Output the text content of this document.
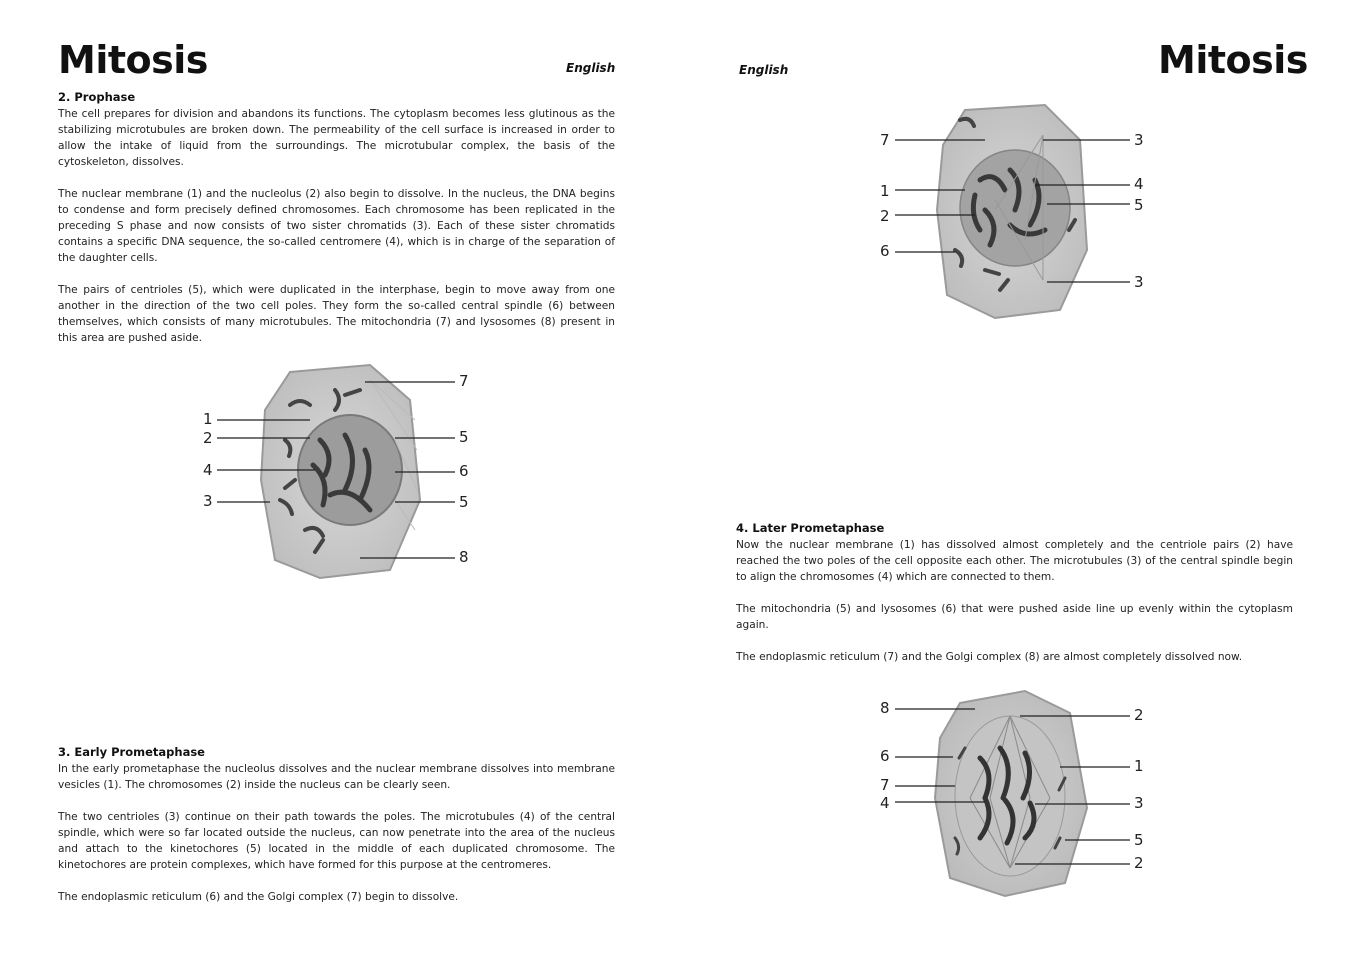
Mitosis	English
2. Prophase

The cell prepares for division and abandons its functions. The cytoplasm becomes less glutinous as the stabilizing microtubules are broken down. The permeability of the cell surface is increased in order to allow the intake of liquid from the surroundings. The microtubular complex, the basis of the cytoskeleton, dissolves.

The nuclear membrane (1) and the nucleolus (2) also begin to dissolve. In the nucleus, the DNA begins to condense and form precisely defined chromosomes. Each chromosome has been replicated in the preceding S phase and now consists of two sister chromatids (3). Each of these sister chromatids contains a specific DNA sequence, the so-called centromere (4), which is in charge of the separation of the daughter cells.

The pairs of centrioles (5), which were duplicated in the interphase, begin to move away from one another in the direction of the two cell poles. They form the so-called central spindle (6) between themselves, which consists of many microtubules. The mitochondria (7) and lysosomes (8) present in this area are pushed aside.

1
2
4
3
7
5
6
5
8
3. Early Prometaphase

In the early prometaphase the nucleolus dissolves and the nuclear membrane dissolves into membrane vesicles (1). The chromosomes (2) inside the nucleus can be clearly seen.

The two centrioles (3) continue on their path towards the poles. The microtubules (4) of the central spindle, which were so far located outside the nucleus, can now penetrate into the area of the nucleus and attach to the kinetochores (5) located in the middle of each duplicated chromosome. The kinetochores are protein complexes, which have formed for this purpose at the centromeres.

The endoplasmic reticulum (6) and the Golgi complex (7) begin to dissolve.

English	Mitosis
7
1
2
6
3
4
5
3
4. Later Prometaphase

Now the nuclear membrane (1) has dissolved almost completely and the centriole pairs (2) have reached the two poles of the cell opposite each other. The microtubules (3) of the central spindle begin to align the chromosomes (4) which are connected to them.

The mitochondria (5) and lysosomes (6) that were pushed aside line up evenly within the cytoplasm again.

The endoplasmic reticulum (7) and the Golgi complex (8) are almost completely dissolved now.

8
6
7
4
2
1
3
5
2
